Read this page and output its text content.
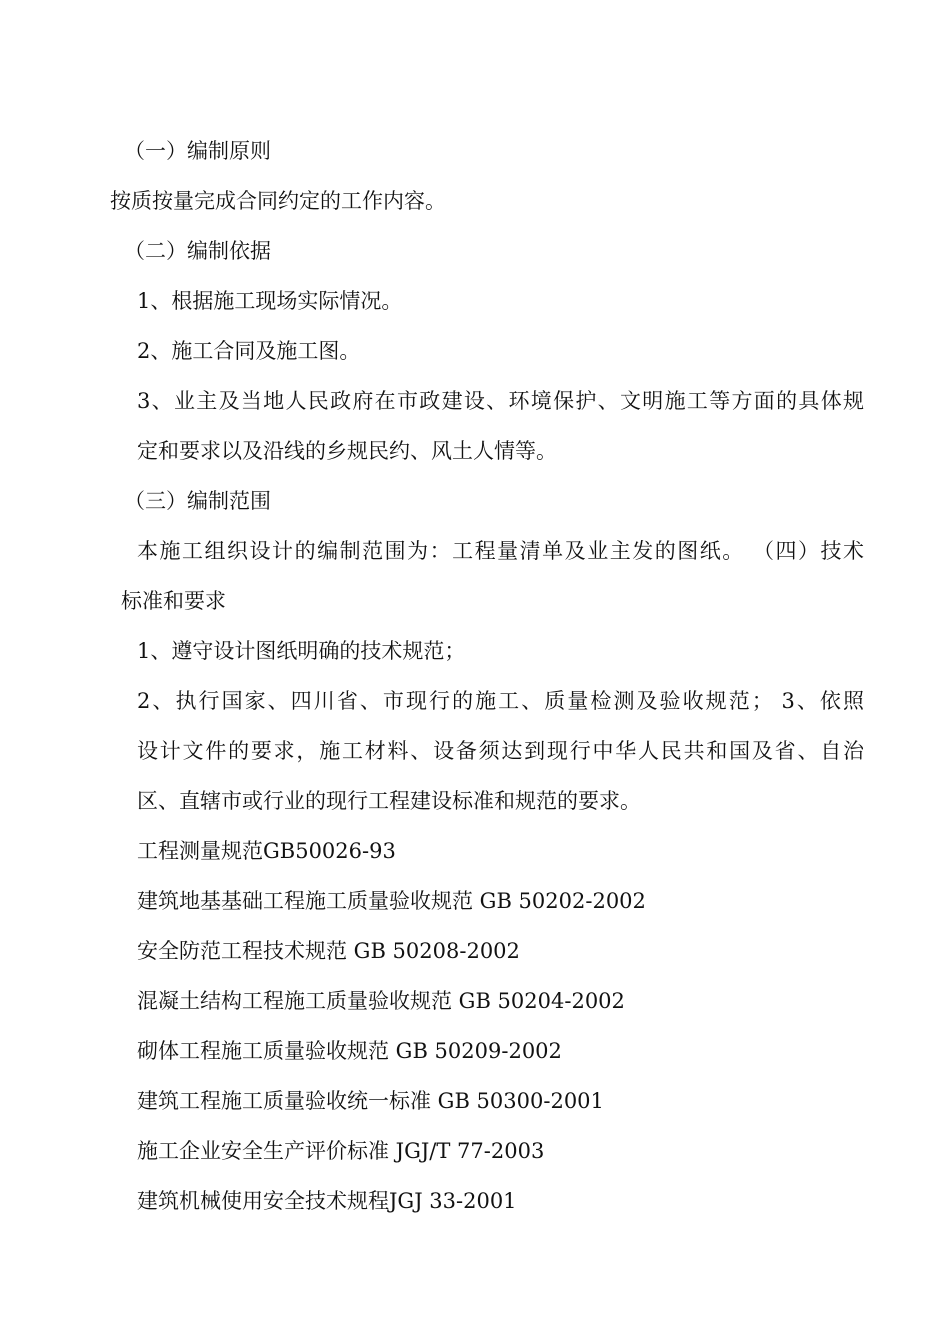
（一）编制原则
按质按量完成合同约定的工作内容。
（二）编制依据
1、根据施工现场实际情况。
2、施工合同及施工图。
3、业主及当地人民政府在市政建设、环境保护、文明施工等方面的具体规
定和要求以及沿线的乡规民约、风土人情等。
（三）编制范围
本施工组织设计的编制范围为：工程量清单及业主发的图纸。 （四）技术
标准和要求
1、遵守设计图纸明确的技术规范；
2、执行国家、四川省、市现行的施工、质量检测及验收规范； 3、依照
设计文件的要求，施工材料、设备须达到现行中华人民共和国及省、自治
区、直辖市或行业的现行工程建设标准和规范的要求。
工程测量规范GB50026-93
建筑地基基础工程施工质量验收规范 GB 50202-2002
安全防范工程技术规范 GB 50208-2002
混凝土结构工程施工质量验收规范 GB 50204-2002
砌体工程施工质量验收规范 GB 50209-2002
建筑工程施工质量验收统一标准 GB 50300-2001
施工企业安全生产评价标准 JGJ/T 77-2003
建筑机械使用安全技术规程JGJ 33-2001
